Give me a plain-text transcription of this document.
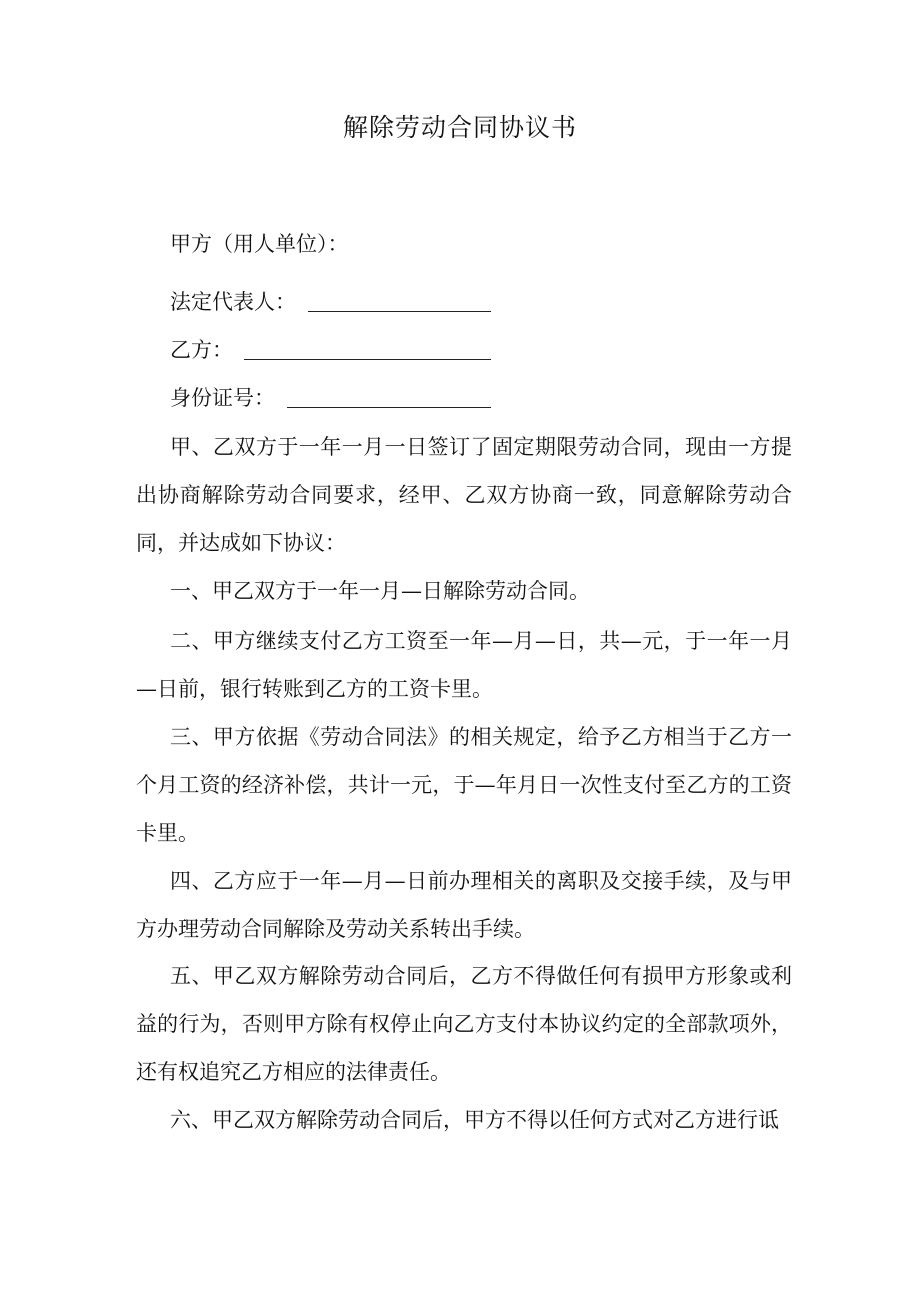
解除劳动合同协议书
甲方（用人单位）：
法定代表人：
乙方：
身份证号：
甲、乙双方于一年一月一日签订了固定期限劳动合同，现由一方提出协商解除劳动合同要求，经甲、乙双方协商一致，同意解除劳动合同，并达成如下协议：
一、甲乙双方于一年一月—日解除劳动合同。
二、甲方继续支付乙方工资至一年—月—日，共—元，于一年一月—日前，银行转账到乙方的工资卡里。
三、甲方依据《劳动合同法》的相关规定，给予乙方相当于乙方一个月工资的经济补偿，共计一元，于—年月日一次性支付至乙方的工资卡里。
四、乙方应于一年—月—日前办理相关的离职及交接手续，及与甲方办理劳动合同解除及劳动关系转出手续。
五、甲乙双方解除劳动合同后，乙方不得做任何有损甲方形象或利益的行为，否则甲方除有权停止向乙方支付本协议约定的全部款项外，还有权追究乙方相应的法律责任。
六、甲乙双方解除劳动合同后，甲方不得以任何方式对乙方进行诋
